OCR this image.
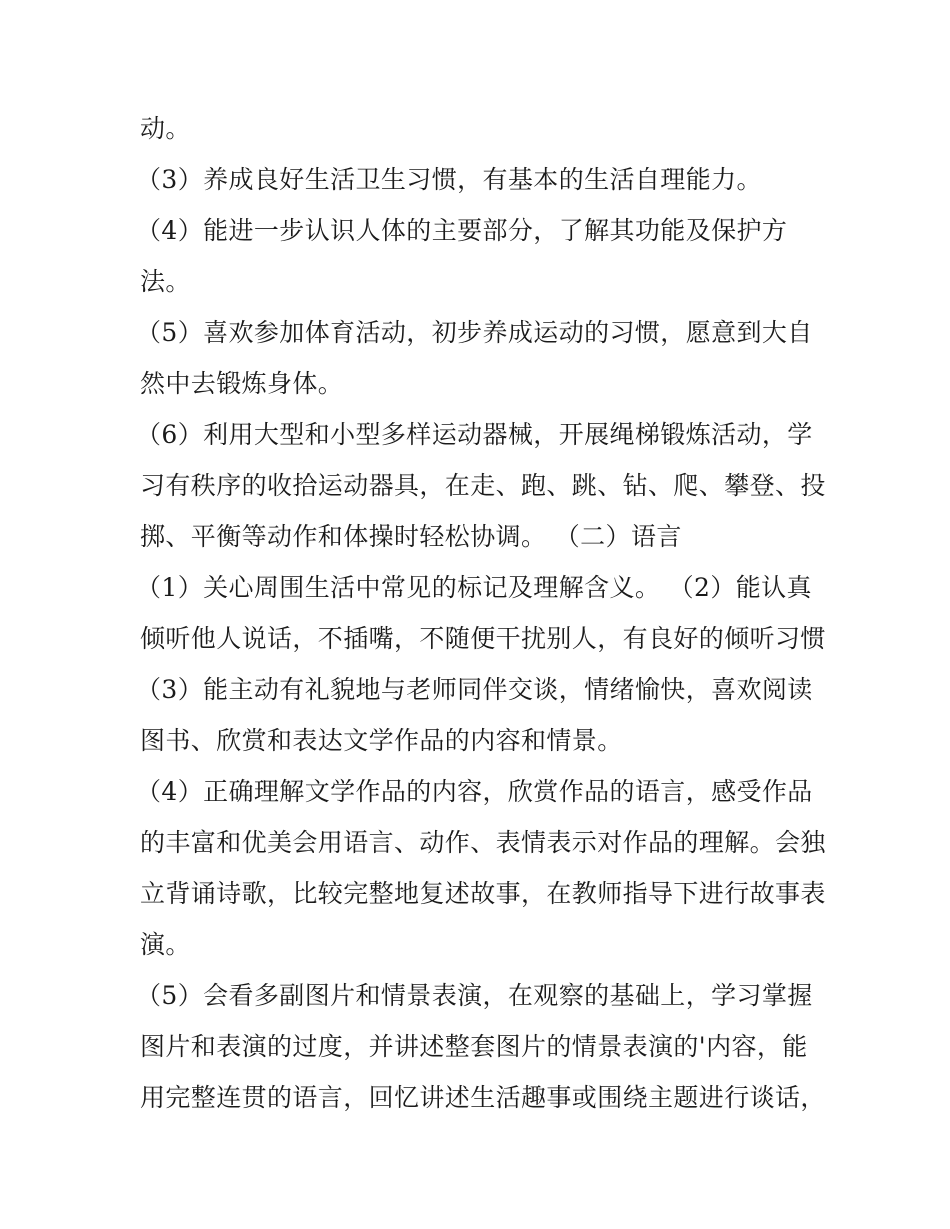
动。
（3）养成良好生活卫生习惯，有基本的生活自理能力。
（4）能进一步认识人体的主要部分，了解其功能及保护方
法。
（5）喜欢参加体育活动，初步养成运动的习惯，愿意到大自
然中去锻炼身体。
（6）利用大型和小型多样运动器械，开展绳梯锻炼活动，学
习有秩序的收拾运动器具，在走、跑、跳、钻、爬、攀登、投
掷、平衡等动作和体操时轻松协调。 （二）语言
（1）关心周围生活中常见的标记及理解含义。 （2）能认真
倾听他人说话，不插嘴，不随便干扰别人，有良好的倾听习惯
（3）能主动有礼貌地与老师同伴交谈，情绪愉快，喜欢阅读
图书、欣赏和表达文学作品的内容和情景。
（4）正确理解文学作品的内容，欣赏作品的语言，感受作品
的丰富和优美会用语言、动作、表情表示对作品的理解。会独
立背诵诗歌，比较完整地复述故事，在教师指导下进行故事表
演。
（5）会看多副图片和情景表演，在观察的基础上，学习掌握
图片和表演的过度，并讲述整套图片的情景表演的'内容，能
用完整连贯的语言，回忆讲述生活趣事或围绕主题进行谈话，
